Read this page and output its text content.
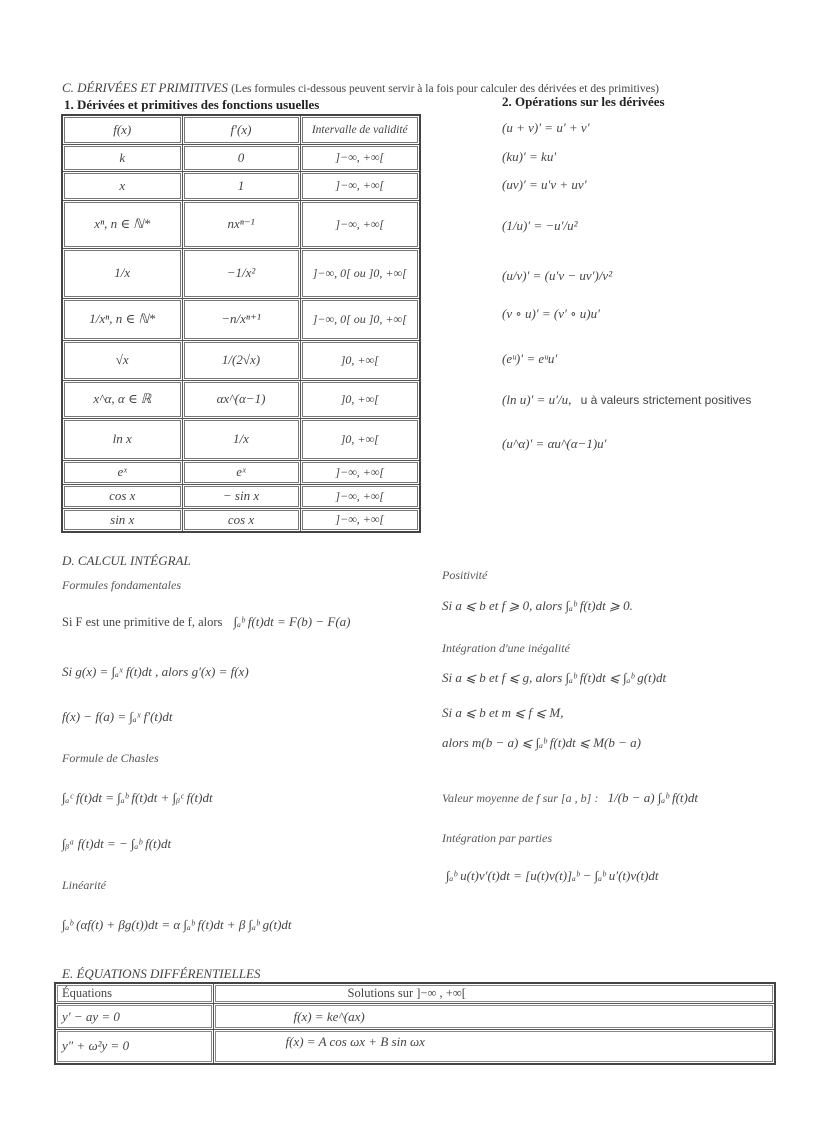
C. DÉRIVÉES ET PRIMITIVES (Les formules ci-dessous peuvent servir à la fois pour calculer des dérivées et des primitives)
1. Dérivées et primitives des fonctions usuelles	2. Opérations sur les dérivées
f(x)	f′(x)	Intervalle de validité
k	0	]−∞, +∞[
x	1	]−∞, +∞[
xⁿ, n ∈ ℕ*	nxⁿ⁻¹	]−∞, +∞[
1/x	−1/x²	]−∞, 0[ ou ]0, +∞[
1/xⁿ, n ∈ ℕ*	−n/xⁿ⁺¹	]−∞, 0[ ou ]0, +∞[
√x	1/(2√x)	]0, +∞[
x^α, α ∈ ℝ	αx^(α−1)	]0, +∞[
ln x	1/x	]0, +∞[
eˣ	eˣ	]−∞, +∞[
cos x	− sin x	]−∞, +∞[
sin x	cos x	]−∞, +∞[
(u + v)′ = u′ + v′
(ku)′ = ku′
(uv)′ = u′v + uv′
(1/u)′ = −u′/u²
(u/v)′ = (u′v − uv′)/v²
(v ∘ u)′ = (v′ ∘ u)u′
(eᵘ)′ = eᵘu′
(ln u)′ = u′/u, u à valeurs strictement positives
(u^α)′ = αu^(α−1)u′
D. CALCUL INTÉGRAL
Formules fondamentales
Si F est une primitive de f, alors ∫ₐᵇ f(t)dt = F(b) − F(a)
Si g(x) = ∫ₐˣ f(t)dt , alors g′(x) = f(x)
f(x) − f(a) = ∫ₐˣ f′(t)dt
Formule de Chasles
∫ₐᶜ f(t)dt = ∫ₐᵇ f(t)dt + ∫ᵦᶜ f(t)dt
∫ᵦᵃ f(t)dt = − ∫ₐᵇ f(t)dt
Linéarité
∫ₐᵇ (αf(t) + βg(t))dt = α ∫ₐᵇ f(t)dt + β ∫ₐᵇ g(t)dt
Positivité
Si a ⩽ b et f ⩾ 0, alors ∫ₐᵇ f(t)dt ⩾ 0.
Intégration d'une inégalité
Si a ⩽ b et f ⩽ g, alors ∫ₐᵇ f(t)dt ⩽ ∫ₐᵇ g(t)dt
Si a ⩽ b et m ⩽ f ⩽ M,
alors m(b − a) ⩽ ∫ₐᵇ f(t)dt ⩽ M(b − a)
Valeur moyenne de f sur [a , b] : 1/(b − a) ∫ₐᵇ f(t)dt
Intégration par parties
∫ₐᵇ u(t)v′(t)dt = [u(t)v(t)]ₐᵇ − ∫ₐᵇ u′(t)v(t)dt
E. ÉQUATIONS DIFFÉRENTIELLES
Équations	Solutions sur ]−∞ , +∞[
y′ − ay = 0	f(x) = ke^(ax)
y″ + ω²y = 0	f(x) = A cos ωx + B sin ωx
